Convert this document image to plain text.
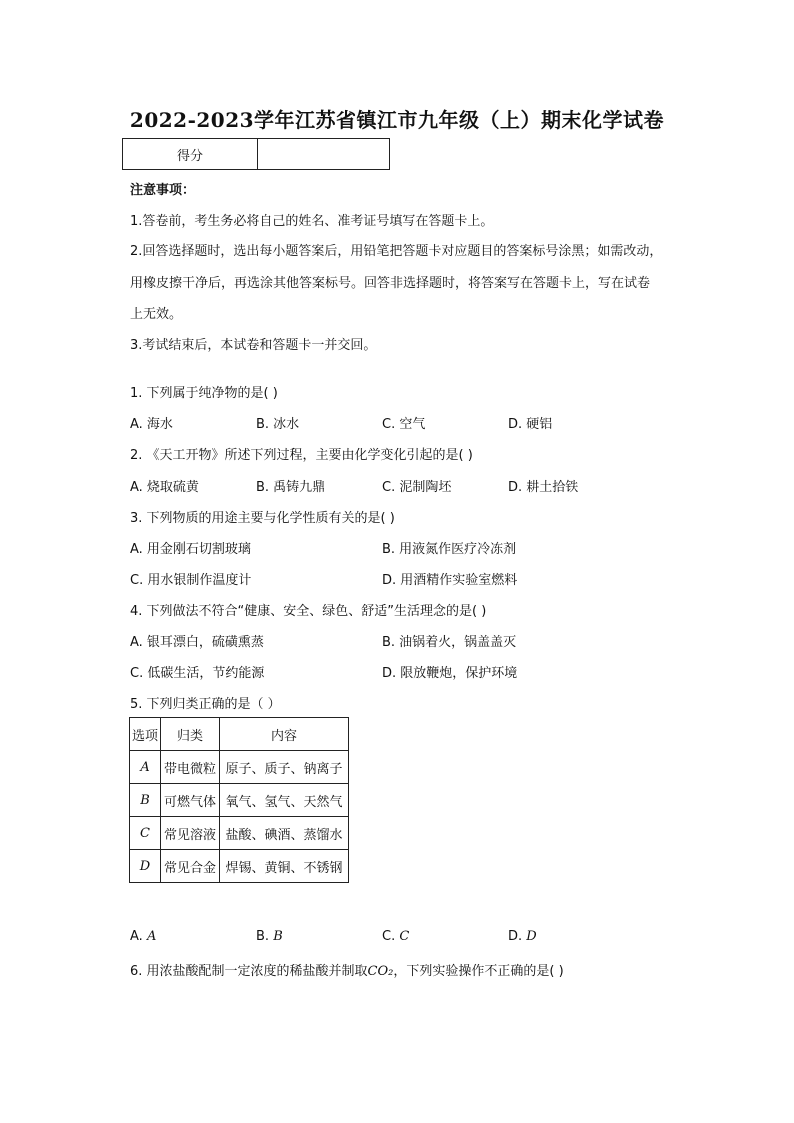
2022-2023学年江苏省镇江市九年级（上）期末化学试卷
得分	
注意事项：
1.答卷前，考生务必将自己的姓名、准考证号填写在答题卡上。
2.回答选择题时，选出每小题答案后，用铅笔把答题卡对应题目的答案标号涂黑；如需改动，
用橡皮擦干净后，再选涂其他答案标号。回答非选择题时，将答案写在答题卡上，写在试卷
上无效。
3.考试结束后，本试卷和答题卡一并交回。
1. 下列属于纯净物的是( )
A. 海水	B. 冰水	C. 空气	D. 硬铝
2. 《天工开物》所述下列过程，主要由化学变化引起的是( )
A. 烧取硫黄	B. 禹铸九鼎	C. 泥制陶坯	D. 耕土拾铁
3. 下列物质的用途主要与化学性质有关的是( )
A. 用金刚石切割玻璃	B. 用液氮作医疗冷冻剂
C. 用水银制作温度计	D. 用酒精作实验室燃料
4. 下列做法不符合“健康、安全、绿色、舒适”生活理念的是( )
A. 银耳漂白，硫磺熏蒸	B. 油锅着火，锅盖盖灭
C. 低碳生活，节约能源	D. 限放鞭炮，保护环境
5. 下列归类正确的是（ ）
选项	归类	内容
A	带电微粒	原子、质子、钠离子
B	可燃气体	氧气、氢气、天然气
C	常见溶液	盐酸、碘酒、蒸馏水
D	常见合金	焊锡、黄铜、不锈钢
A. A	B. B	C. C	D. D
6. 用浓盐酸配制一定浓度的稀盐酸并制取CO₂，下列实验操作不正确的是( )
